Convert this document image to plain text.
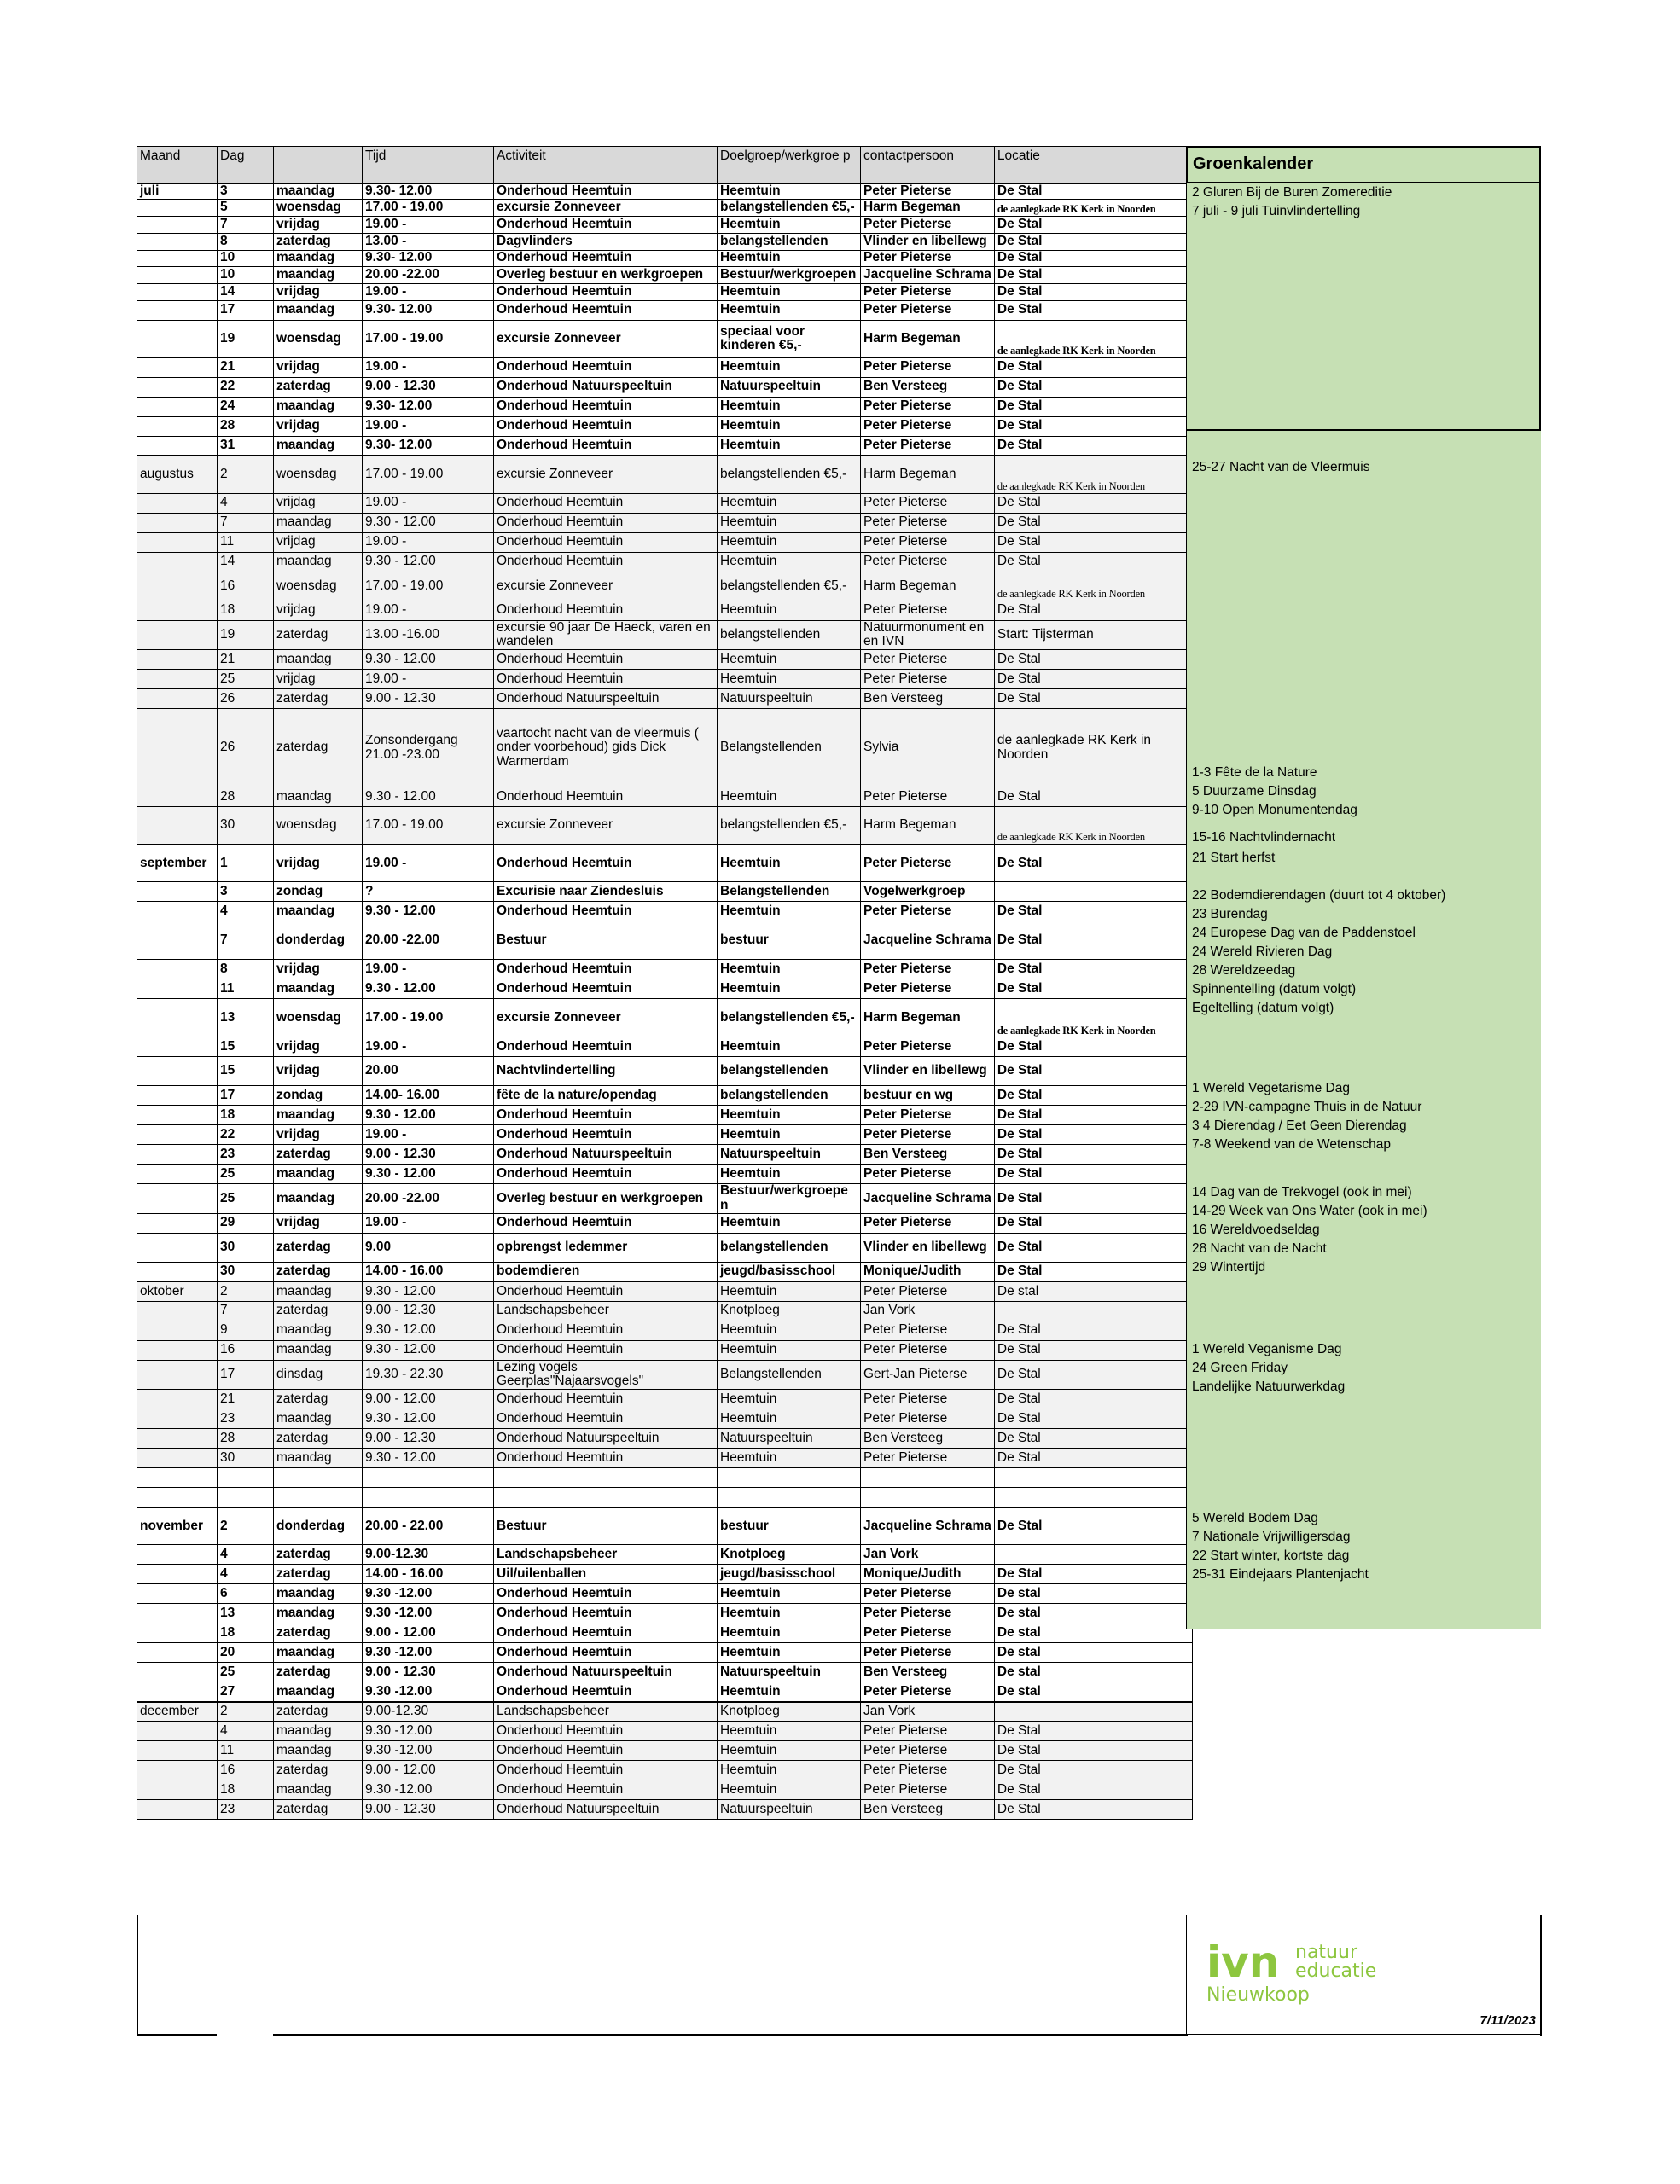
Maand	Dag		Tijd	Activiteit	Doelgroep/werkgroe p	contactpersoon	Locatie
juli	3	maandag	9.30- 12.00	Onderhoud Heemtuin	Heemtuin	Peter Pieterse	De Stal
	5	woensdag	17.00 - 19.00	excursie Zonneveer	belangstellenden €5,-	Harm Begeman	de aanlegkade RK Kerk in Noorden
	7	vrijdag	19.00 -	Onderhoud Heemtuin	Heemtuin	Peter Pieterse	De Stal
	8	zaterdag	13.00 -	Dagvlinders	belangstellenden	Vlinder en libellewg	De Stal
	10	maandag	9.30- 12.00	Onderhoud Heemtuin	Heemtuin	Peter Pieterse	De Stal
	10	maandag	20.00 -22.00	Overleg bestuur en werkgroepen	Bestuur/werkgroepen	Jacqueline Schrama	De Stal
	14	vrijdag	19.00 -	Onderhoud Heemtuin	Heemtuin	Peter Pieterse	De Stal
	17	maandag	9.30- 12.00	Onderhoud Heemtuin	Heemtuin	Peter Pieterse	De Stal
	19	woensdag	17.00 - 19.00	excursie Zonneveer	speciaal voor kinderen €5,-	Harm Begeman	de aanlegkade RK Kerk in Noorden
	21	vrijdag	19.00 -	Onderhoud Heemtuin	Heemtuin	Peter Pieterse	De Stal
	22	zaterdag	9.00 - 12.30	Onderhoud Natuurspeeltuin	Natuurspeeltuin	Ben Versteeg	De Stal
	24	maandag	9.30- 12.00	Onderhoud Heemtuin	Heemtuin	Peter Pieterse	De Stal
	28	vrijdag	19.00 -	Onderhoud Heemtuin	Heemtuin	Peter Pieterse	De Stal
	31	maandag	9.30- 12.00	Onderhoud Heemtuin	Heemtuin	Peter Pieterse	De Stal
augustus	2	woensdag	17.00 - 19.00	excursie Zonneveer	belangstellenden €5,-	Harm Begeman	de aanlegkade RK Kerk in Noorden
	4	vrijdag	19.00 -	Onderhoud Heemtuin	Heemtuin	Peter Pieterse	De Stal
	7	maandag	9.30 - 12.00	Onderhoud Heemtuin	Heemtuin	Peter Pieterse	De Stal
	11	vrijdag	19.00 -	Onderhoud Heemtuin	Heemtuin	Peter Pieterse	De Stal
	14	maandag	9.30 - 12.00	Onderhoud Heemtuin	Heemtuin	Peter Pieterse	De Stal
	16	woensdag	17.00 - 19.00	excursie Zonneveer	belangstellenden €5,-	Harm Begeman	de aanlegkade RK Kerk in Noorden
	18	vrijdag	19.00 -	Onderhoud Heemtuin	Heemtuin	Peter Pieterse	De Stal
	19	zaterdag	13.00 -16.00	excursie 90 jaar De Haeck, varen en wandelen	belangstellenden	Natuurmonument en en IVN	Start: Tijsterman
	21	maandag	9.30 - 12.00	Onderhoud Heemtuin	Heemtuin	Peter Pieterse	De Stal
	25	vrijdag	19.00 -	Onderhoud Heemtuin	Heemtuin	Peter Pieterse	De Stal
	26	zaterdag	9.00 - 12.30	Onderhoud Natuurspeeltuin	Natuurspeeltuin	Ben Versteeg	De Stal
	26	zaterdag	Zonsondergang 21.00 -23.00	vaartocht nacht van de vleermuis ( onder voorbehoud) gids Dick Warmerdam	Belangstellenden	Sylvia	de aanlegkade RK Kerk in Noorden
	28	maandag	9.30 - 12.00	Onderhoud Heemtuin	Heemtuin	Peter Pieterse	De Stal
	30	woensdag	17.00 - 19.00	excursie Zonneveer	belangstellenden €5,-	Harm Begeman	de aanlegkade RK Kerk in Noorden
september	1	vrijdag	19.00 -	Onderhoud Heemtuin	Heemtuin	Peter Pieterse	De Stal
	3	zondag	?	Excurisie naar Ziendesluis	Belangstellenden	Vogelwerkgroep	
	4	maandag	9.30 - 12.00	Onderhoud Heemtuin	Heemtuin	Peter Pieterse	De Stal
	7	donderdag	20.00 -22.00	Bestuur	bestuur	Jacqueline Schrama	De Stal
	8	vrijdag	19.00 -	Onderhoud Heemtuin	Heemtuin	Peter Pieterse	De Stal
	11	maandag	9.30 - 12.00	Onderhoud Heemtuin	Heemtuin	Peter Pieterse	De Stal
	13	woensdag	17.00 - 19.00	excursie Zonneveer	belangstellenden €5,-	Harm Begeman	de aanlegkade RK Kerk in Noorden
	15	vrijdag	19.00 -	Onderhoud Heemtuin	Heemtuin	Peter Pieterse	De Stal
	15	vrijdag	20.00	Nachtvlindertelling	belangstellenden	Vlinder en libellewg	De Stal
	17	zondag	14.00- 16.00	fête de la nature/opendag	belangstellenden	bestuur en wg	De Stal
	18	maandag	9.30 - 12.00	Onderhoud Heemtuin	Heemtuin	Peter Pieterse	De Stal
	22	vrijdag	19.00 -	Onderhoud Heemtuin	Heemtuin	Peter Pieterse	De Stal
	23	zaterdag	9.00 - 12.30	Onderhoud Natuurspeeltuin	Natuurspeeltuin	Ben Versteeg	De Stal
	25	maandag	9.30 - 12.00	Onderhoud Heemtuin	Heemtuin	Peter Pieterse	De Stal
	25	maandag	20.00 -22.00	Overleg bestuur en werkgroepen	Bestuur/werkgroepe n	Jacqueline Schrama	De Stal
	29	vrijdag	19.00 -	Onderhoud Heemtuin	Heemtuin	Peter Pieterse	De Stal
	30	zaterdag	9.00	opbrengst ledemmer	belangstellenden	Vlinder en libellewg	De Stal
	30	zaterdag	14.00 - 16.00	bodemdieren	jeugd/basisschool	Monique/Judith	De Stal
oktober	2	maandag	9.30 - 12.00	Onderhoud Heemtuin	Heemtuin	Peter Pieterse	De stal
	7	zaterdag	9.00 - 12.30	Landschapsbeheer	Knotploeg	Jan Vork	
	9	maandag	9.30 - 12.00	Onderhoud Heemtuin	Heemtuin	Peter Pieterse	De Stal
	16	maandag	9.30 - 12.00	Onderhoud Heemtuin	Heemtuin	Peter Pieterse	De Stal
	17	dinsdag	19.30 - 22.30	Lezing vogels Geerplas"Najaarsvogels"	Belangstellenden	Gert-Jan Pieterse	De Stal
	21	zaterdag	9.00 - 12.00	Onderhoud Heemtuin	Heemtuin	Peter Pieterse	De Stal
	23	maandag	9.30 - 12.00	Onderhoud Heemtuin	Heemtuin	Peter Pieterse	De Stal
	28	zaterdag	9.00 - 12.30	Onderhoud Natuurspeeltuin	Natuurspeeltuin	Ben Versteeg	De Stal
	30	maandag	9.30 - 12.00	Onderhoud Heemtuin	Heemtuin	Peter Pieterse	De Stal

november	2	donderdag	20.00 - 22.00	Bestuur	bestuur	Jacqueline Schrama	De Stal
	4	zaterdag	9.00-12.30	Landschapsbeheer	Knotploeg	Jan Vork	
	4	zaterdag	14.00 - 16.00	Uil/uilenballen	jeugd/basisschool	Monique/Judith	De Stal
	6	maandag	9.30 -12.00	Onderhoud Heemtuin	Heemtuin	Peter Pieterse	De stal
	13	maandag	9.30 -12.00	Onderhoud Heemtuin	Heemtuin	Peter Pieterse	De stal
	18	zaterdag	9.00 - 12.00	Onderhoud Heemtuin	Heemtuin	Peter Pieterse	De stal
	20	maandag	9.30 -12.00	Onderhoud Heemtuin	Heemtuin	Peter Pieterse	De stal
	25	zaterdag	9.00 - 12.30	Onderhoud Natuurspeeltuin	Natuurspeeltuin	Ben Versteeg	De stal
	27	maandag	9.30 -12.00	Onderhoud Heemtuin	Heemtuin	Peter Pieterse	De stal
december	2	zaterdag	9.00-12.30	Landschapsbeheer	Knotploeg	Jan Vork	
	4	maandag	9.30 -12.00	Onderhoud Heemtuin	Heemtuin	Peter Pieterse	De Stal
	11	maandag	9.30 -12.00	Onderhoud Heemtuin	Heemtuin	Peter Pieterse	De Stal
	16	zaterdag	9.00 - 12.00	Onderhoud Heemtuin	Heemtuin	Peter Pieterse	De Stal
	18	maandag	9.30 -12.00	Onderhoud Heemtuin	Heemtuin	Peter Pieterse	De Stal
	23	zaterdag	9.00 - 12.30	Onderhoud Natuurspeeltuin	Natuurspeeltuin	Ben Versteeg	De Stal
Groenkalender
2 Gluren Bij de Buren Zomereditie
7 juli - 9 juli Tuinvlindertelling
25-27 Nacht van de Vleermuis
1-3 Fête de la Nature
5 Duurzame Dinsdag
9-10 Open Monumentendag
15-16 Nachtvlindernacht
21 Start herfst
22 Bodemdierendagen (duurt tot 4 oktober)
23 Burendag
24 Europese Dag van de Paddenstoel
24 Wereld Rivieren Dag
28 Wereldzeedag
Spinnentelling (datum volgt)
Egeltelling (datum volgt)
1 Wereld Vegetarisme Dag
2-29 IVN-campagne Thuis in de Natuur
3 4 Dierendag / Eet Geen Dierendag
7-8 Weekend van de Wetenschap
14 Dag van de Trekvogel (ook in mei)
14-29 Week van Ons Water (ook in mei)
16 Wereldvoedseldag
28 Nacht van de Nacht
29 Wintertijd
1 Wereld Veganisme Dag
24 Green Friday
Landelijke Natuurwerkdag
5 Wereld Bodem Dag
7 Nationale Vrijwilligersdag
22 Start winter, kortste dag
25-31 Eindejaars Plantenjacht
ivn natuur
educatie
Nieuwkoop
7/11/2023
